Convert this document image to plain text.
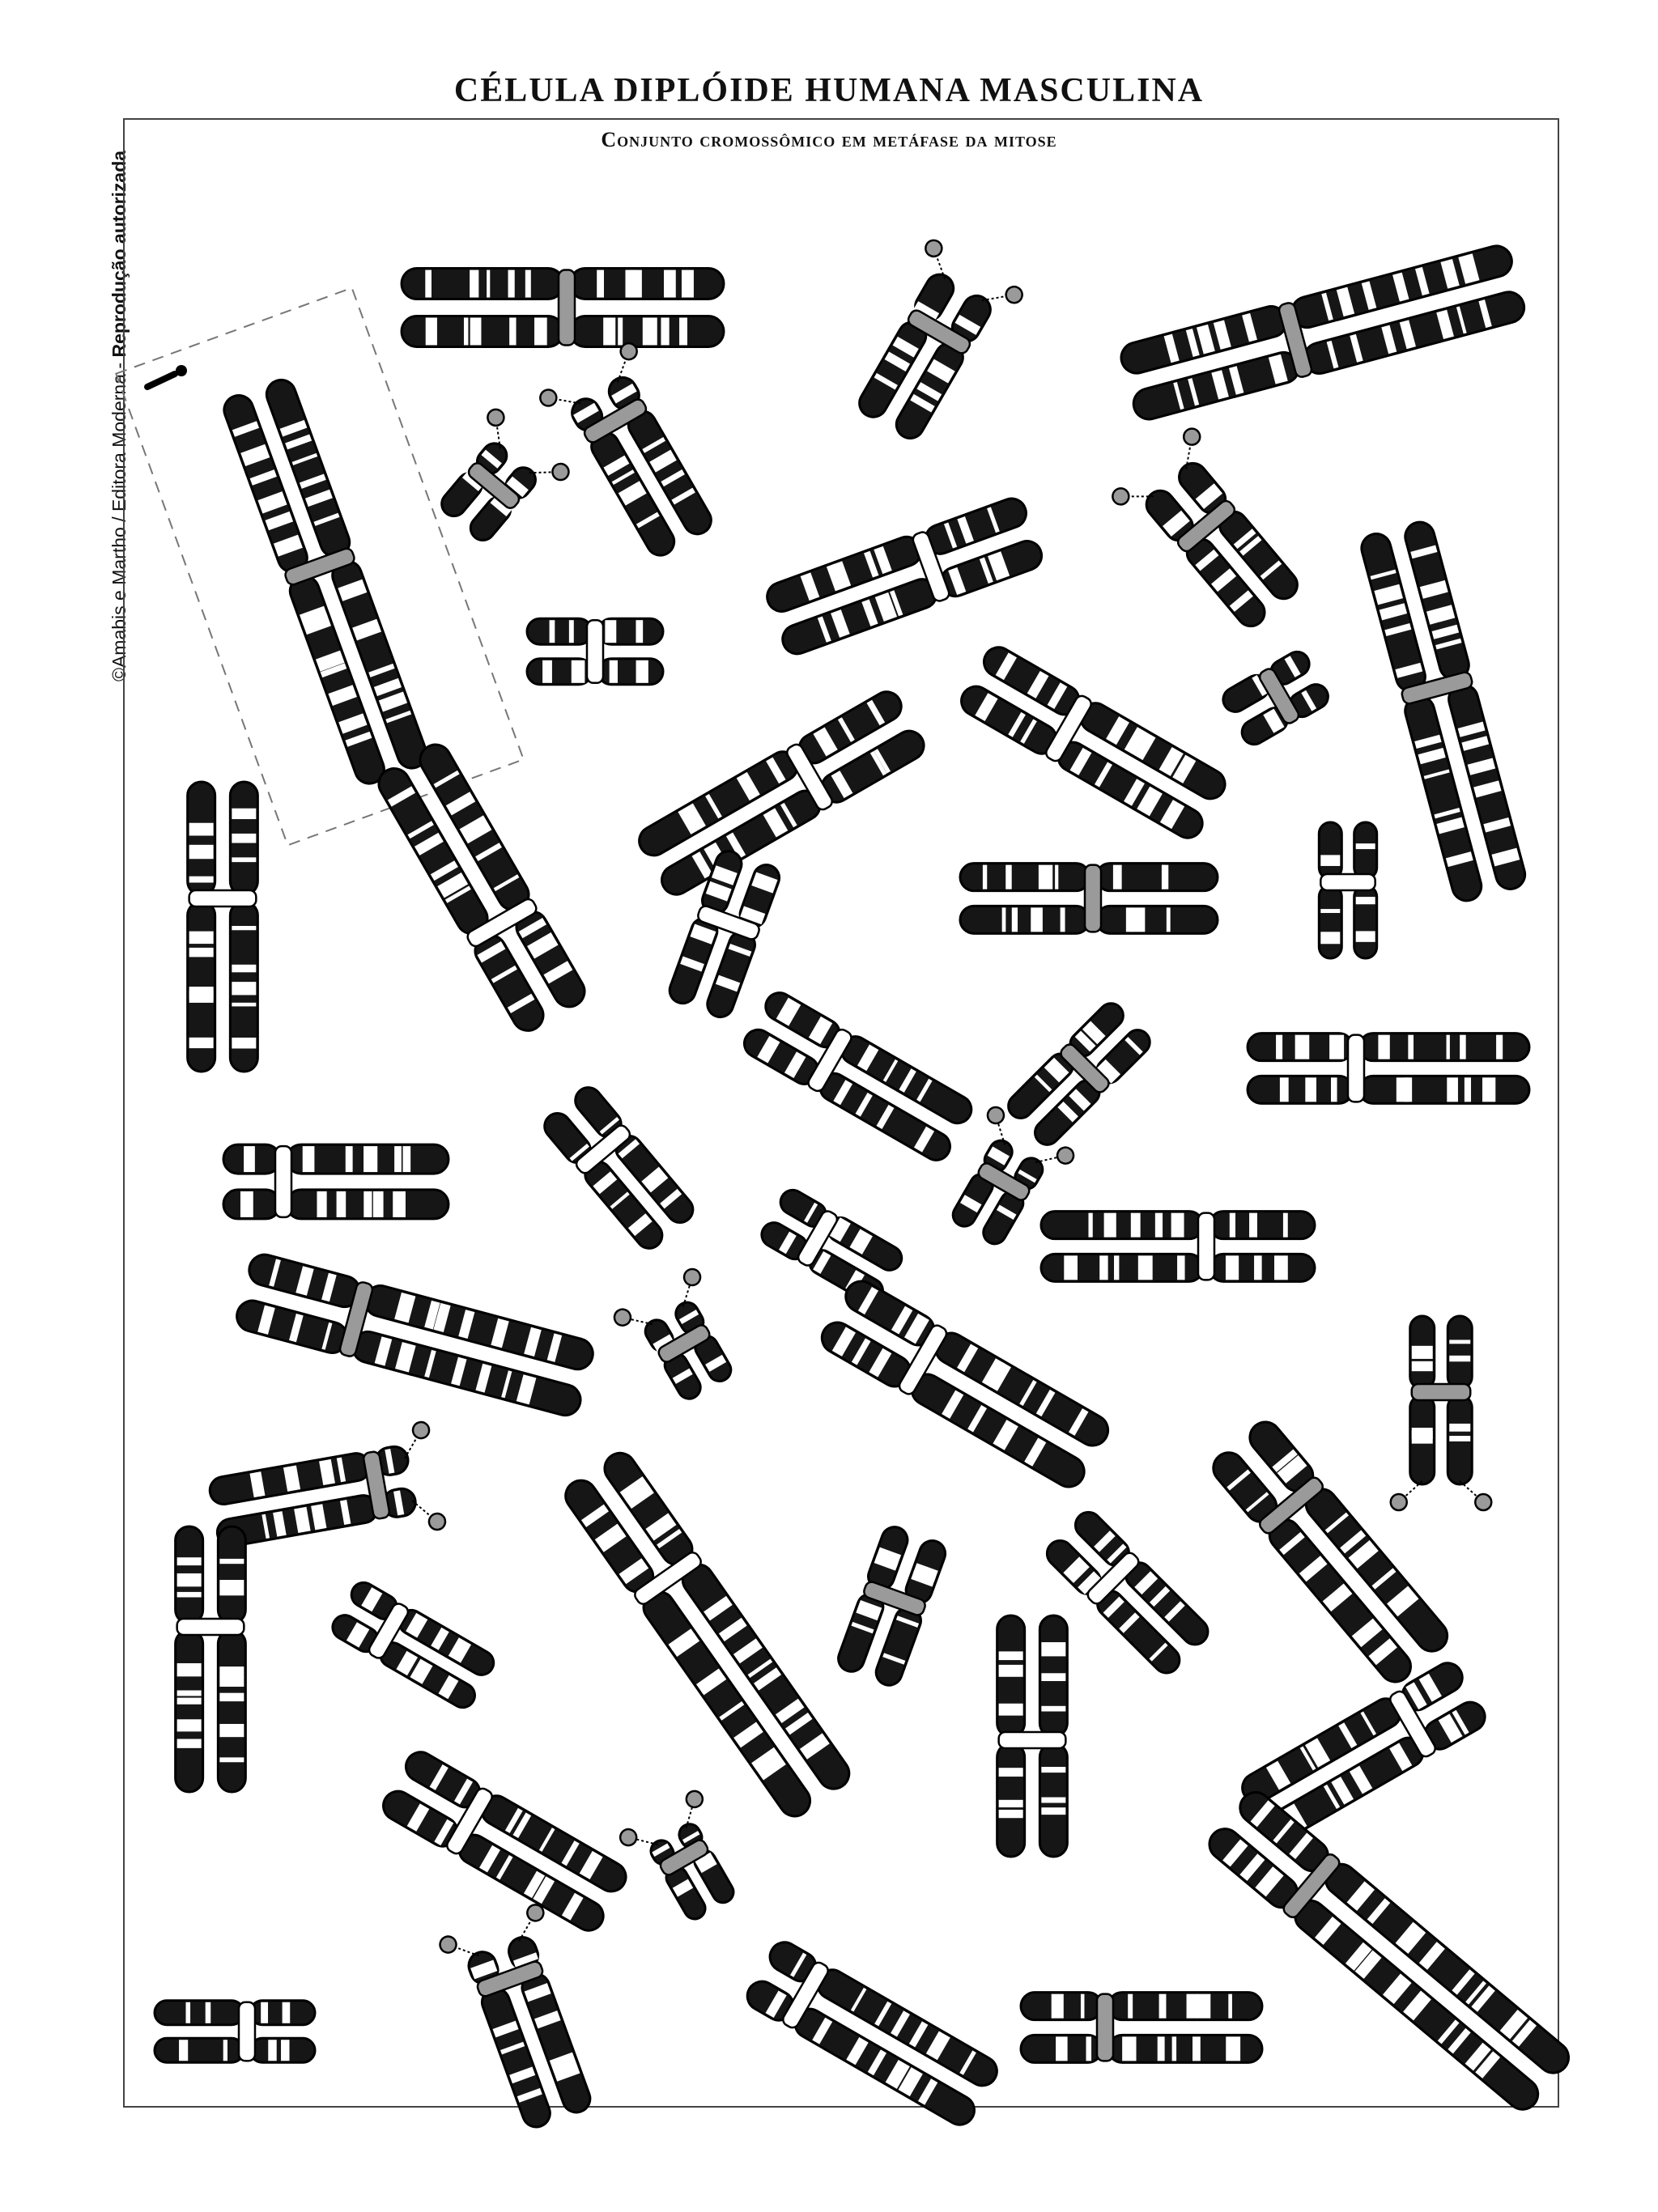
CÉLULA DIPLÓIDE HUMANA MASCULINA
Conjunto cromossômico em metáfase da mitose
©Amabis e Martho / Editora Moderna - Reprodução autorizada
